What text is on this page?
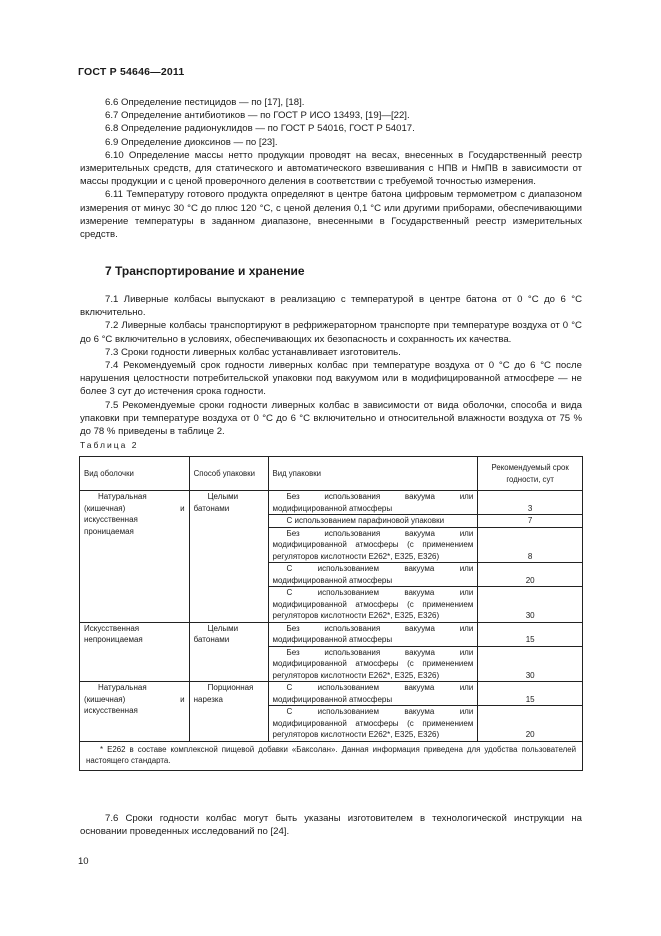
ГОСТ Р 54646—2011

6.6 Определение пестицидов — по [17], [18].

6.7 Определение антибиотиков — по ГОСТ Р ИСО 13493, [19]—[22].

6.8 Определение радионуклидов — по ГОСТ Р 54016, ГОСТ Р 54017.

6.9 Определение диоксинов — по [23].

6.10 Определение массы нетто продукции проводят на весах, внесенных в Государственный реестр измерительных средств, для статического и автоматического взвешивания с НПВ и НмПВ в зависимости от массы продукции и с ценой проверочного деления в соответствии с требуемой точностью измерения.

6.11 Температуру готового продукта определяют в центре батона цифровым термометром с диапазоном измерения от минус 30 °С до плюс 120 °С, с ценой деления 0,1 °С или другими приборами, обеспечивающими измерение температуры в заданном диапазоне, внесенными в Государственный реестр измерительных средств.

7 Транспортирование и хранение

7.1 Ливерные колбасы выпускают в реализацию с температурой в центре батона от 0 °С до 6 °С включительно.

7.2 Ливерные колбасы транспортируют в рефрижераторном транспорте при температуре воздуха от 0 °С до 6 °С включительно в условиях, обеспечивающих их безопасность и сохранность их качества.

7.3 Сроки годности ливерных колбас устанавливает изготовитель.

7.4 Рекомендуемый срок годности ливерных колбас при температуре воздуха от 0 °С до 6 °С после нарушения целостности потребительской упаковки под вакуумом или в модифицированной атмосфере — не более 3 сут до истечения срока годности.

7.5 Рекомендуемые сроки годности ливерных колбас в зависимости от вида оболочки, способа и вида упаковки при температуре воздуха от 0 °С до 6 °С включительно и относительной влажности воздуха от 75 % до 78 % приведены в таблице 2.

Таблица 2
Вид оболочки	Способ упаковки	Вид упаковки	Рекомендуемый срок годности, сут

Натуральная (кишечная) и искусственная проницаемая	Целыми батонами	Без использования вакуума или модифицированной атмосферы	3

		С использованием парафиновой упаковки	7

		Без использования вакуума или модифицированной атмосферы (с применением регуляторов кислотности Е262*, Е325, Е326)	8

		С использованием вакуума или модифицированной атмосферы	20

		С использованием вакуума или модифицированной атмосферы (с применением регуляторов кислотности Е262*, Е325, Е326)	30
Искусственная непроницаемая	Целыми батонами	Без использования вакуума или модифицированной атмосферы	15

		Без использования вакуума или модифицированной атмосферы (с применением регуляторов кислотности Е262*, Е325, Е326)	30

Натуральная (кишечная) и искусственная	Порционная нарезка	С использованием вакуума или модифицированной атмосферы	15

		С использованием вакуума или модифицированной атмосферы (с применением регуляторов кислотности Е262*, Е325, Е326)	20

* Е262 в составе комплексной пищевой добавки «Баксолан». Данная информация приведена для удобства пользователей настоящего стандарта.			

7.6 Сроки годности колбас могут быть указаны изготовителем в технологической инструкции на основании проведенных исследований по [24].

10
